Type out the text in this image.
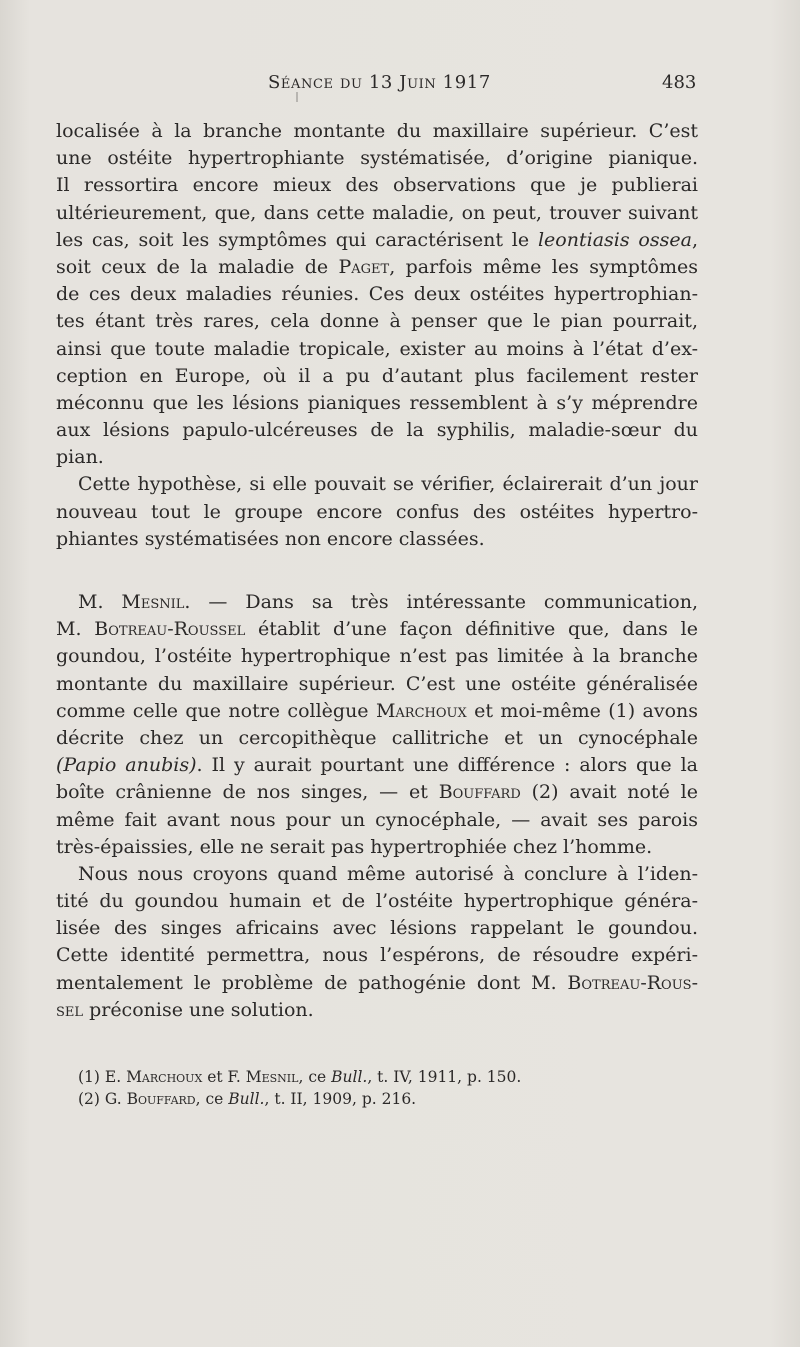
Séance du 13 Juin 1917	483
localisée à la branche montante du maxillaire supérieur. C’est
une ostéite hypertrophiante systématisée, d’origine pianique.
Il ressortira encore mieux des observations que je publierai
ultérieurement, que, dans cette maladie, on peut, trouver suivant
les cas, soit les symptômes qui caractérisent le leontiasis ossea,
soit ceux de la maladie de Paget, parfois même les symptômes
de ces deux maladies réunies. Ces deux ostéites hypertrophian-
tes étant très rares, cela donne à penser que le pian pourrait,
ainsi que toute maladie tropicale, exister au moins à l’état d’ex-
ception en Europe, où il a pu d’autant plus facilement rester
méconnu que les lésions pianiques ressemblent à s’y méprendre
aux lésions papulo-ulcéreuses de la syphilis, maladie-sœur du
pian.
Cette hypothèse, si elle pouvait se vérifier, éclairerait d’un jour
nouveau tout le groupe encore confus des ostéites hypertro-
phiantes systématisées non encore classées.
M. Mesnil. — Dans sa très intéressante communication,
M. Botreau-Roussel établit d’une façon définitive que, dans le
goundou, l’ostéite hypertrophique n’est pas limitée à la branche
montante du maxillaire supérieur. C’est une ostéite généralisée
comme celle que notre collègue Marchoux et moi-même (1) avons
décrite chez un cercopithèque callitriche et un cynocéphale
(Papio anubis). Il y aurait pourtant une différence : alors que la
boîte crânienne de nos singes, — et Bouffard (2) avait noté le
même fait avant nous pour un cynocéphale, — avait ses parois
très-épaissies, elle ne serait pas hypertrophiée chez l’homme.
Nous nous croyons quand même autorisé à conclure à l’iden-
tité du goundou humain et de l’ostéite hypertrophique généra-
lisée des singes africains avec lésions rappelant le goundou.
Cette identité permettra, nous l’espérons, de résoudre expéri-
mentalement le problème de pathogénie dont M. Botreau-Rous-
sel préconise une solution.
(1) E. Marchoux et F. Mesnil, ce Bull., t. IV, 1911, p. 150.
(2) G. Bouffard, ce Bull., t. II, 1909, p. 216.
